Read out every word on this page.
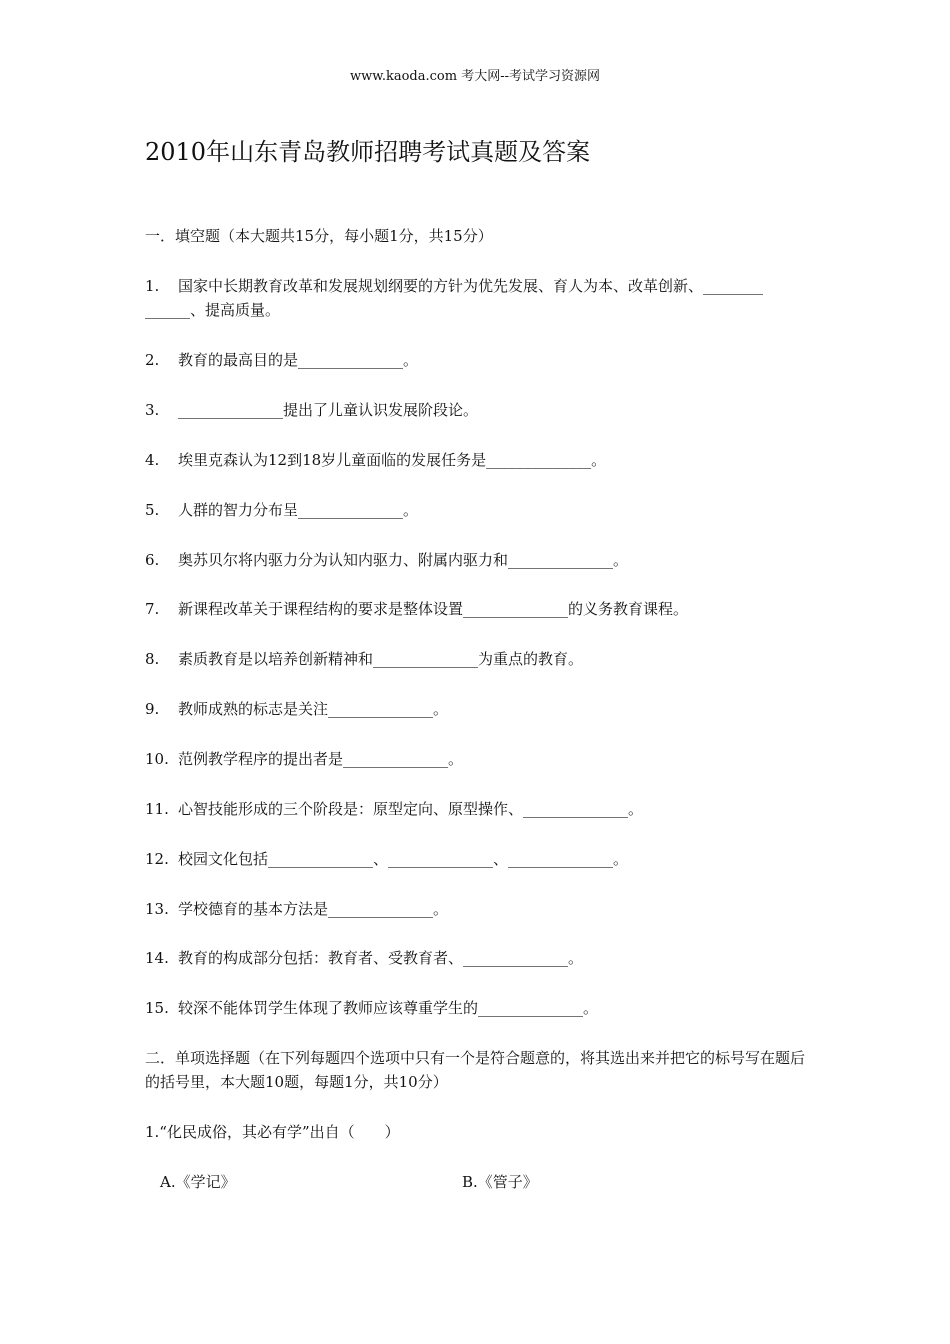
www.kaoda.com 考大网--考试学习资源网
2010年山东青岛教师招聘考试真题及答案

一．填空题（本大题共15分，每小题1分，共15分）

1. 国家中长期教育改革和发展规划纲要的方针为优先发展、育人为本、改革创新、________

______、提高质量。

2. 教育的最高目的是______________。

3. ______________提出了儿童认识发展阶段论。

4. 埃里克森认为12到18岁儿童面临的发展任务是______________。

5. 人群的智力分布呈______________。

6. 奥苏贝尔将内驱力分为认知内驱力、附属内驱力和______________。

7. 新课程改革关于课程结构的要求是整体设置______________的义务教育课程。

8. 素质教育是以培养创新精神和______________为重点的教育。

9. 教师成熟的标志是关注______________。

10. 范例教学程序的提出者是______________。

11. 心智技能形成的三个阶段是：原型定向、原型操作、______________。

12. 校园文化包括______________、______________、______________。

13. 学校德育的基本方法是______________。

14. 教育的构成部分包括：教育者、受教育者、______________。

15. 较深不能体罚学生体现了教师应该尊重学生的______________。

二．单项选择题（在下列每题四个选项中只有一个是符合题意的，将其选出来并把它的标号写在题后的括号里，本大题10题，每题1分，共10分）

1.“化民成俗，其必有学”出自（　　）

A.《学记》	B.《管子》
